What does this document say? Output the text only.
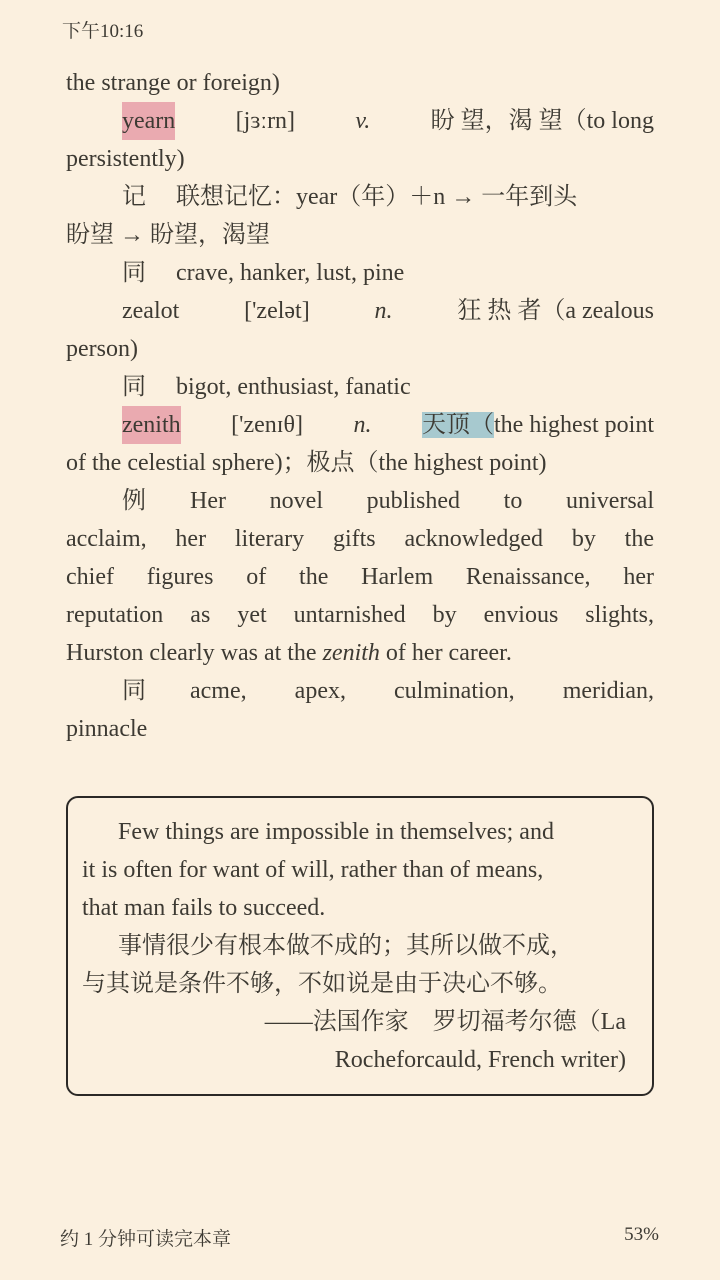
下午10:16
the strange or foreign)
yearn	[jɜːrn]	v.	盼 望，渴 望（to long
persistently)
记 联想记忆：year（年）＋n → 一年到头
盼望 → 盼望，渴望
同 crave, hanker, lust, pine
zealot	['zelət]	n.	狂 热 者（a zealous
person)
同 bigot, enthusiast, fanatic
zenith ['zenɪθ] n. 天顶（the highest point
of the celestial sphere)；极点（the highest point)
例 Her novel published to universal
acclaim, her literary gifts acknowledged by the
chief figures of the Harlem Renaissance, her
reputation as yet untarnished by envious slights,
Hurston clearly was at the zenith of her career.
同 acme, apex, culmination, meridian,
pinnacle
Few things are impossible in themselves; and
it is often for want of will, rather than of means,
that man fails to succeed.
事情很少有根本做不成的；其所以做不成，
与其说是条件不够，不如说是由于决心不够。
——法国作家　罗切福考尔德（La
Rocheforcauld, French writer)
约 1 分钟可读完本章	53%
